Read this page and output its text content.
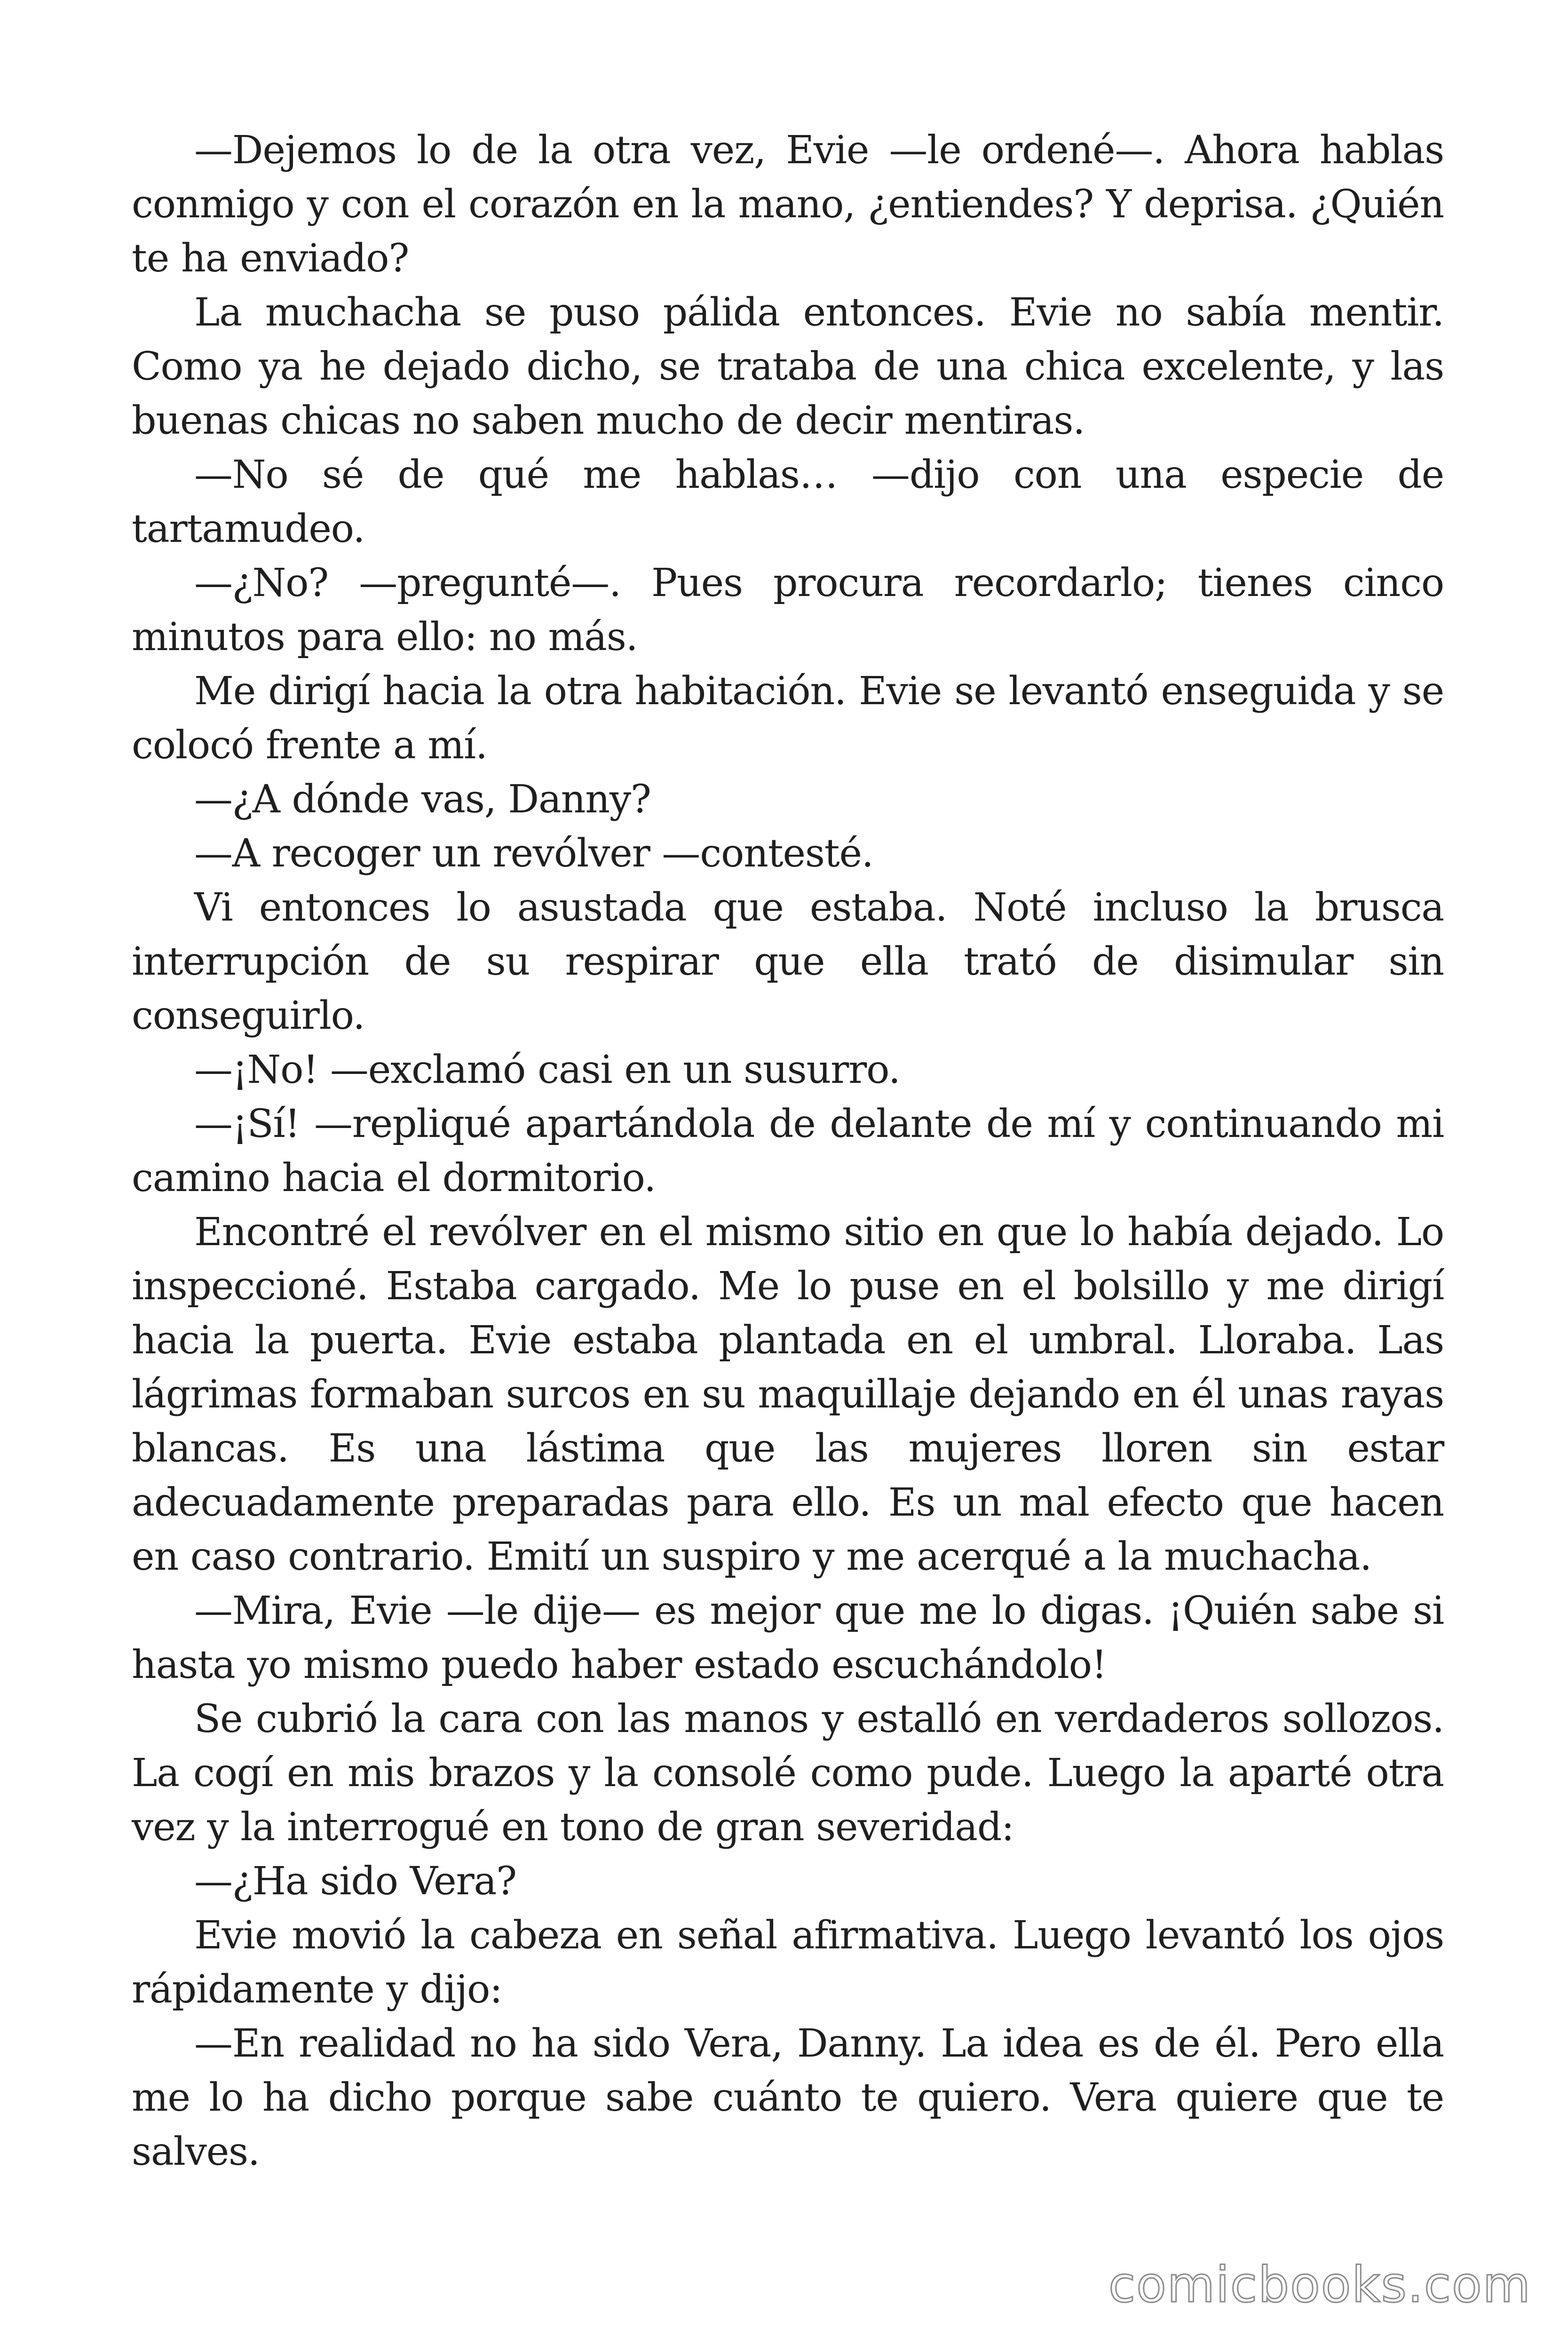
—Dejemos lo de la otra vez, Evie —le ordené—. Ahora hablas conmigo y con el corazón en la mano, ¿entiendes? Y deprisa. ¿Quién te ha enviado?

La muchacha se puso pálida entonces. Evie no sabía mentir. Como ya he dejado dicho, se trataba de una chica excelente, y las buenas chicas no saben mucho de decir mentiras.

—No sé de qué me hablas… —dijo con una especie de tartamudeo.

—¿No? —pregunté—. Pues procura recordarlo; tienes cinco minutos para ello: no más.

Me dirigí hacia la otra habitación. Evie se levantó enseguida y se colocó frente a mí.

—¿A dónde vas, Danny?

—A recoger un revólver —contesté.

Vi entonces lo asustada que estaba. Noté incluso la brusca interrupción de su respirar que ella trató de disimular sin conseguirlo.

—¡No! —exclamó casi en un susurro.

—¡Sí! —repliqué apartándola de delante de mí y continuando mi camino hacia el dormitorio.

Encontré el revólver en el mismo sitio en que lo había dejado. Lo inspeccioné. Estaba cargado. Me lo puse en el bolsillo y me dirigí hacia la puerta. Evie estaba plantada en el umbral. Lloraba. Las lágrimas formaban surcos en su maquillaje dejando en él unas rayas blancas. Es una lástima que las mujeres lloren sin estar adecuadamente preparadas para ello. Es un mal efecto que hacen en caso contrario. Emití un suspiro y me acerqué a la muchacha.

—Mira, Evie —le dije— es mejor que me lo digas. ¡Quién sabe si hasta yo mismo puedo haber estado escuchándolo!

Se cubrió la cara con las manos y estalló en verdaderos sollozos. La cogí en mis brazos y la consolé como pude. Luego la aparté otra vez y la interrogué en tono de gran severidad:

—¿Ha sido Vera?

Evie movió la cabeza en señal afirmativa. Luego levantó los ojos rápidamente y dijo:

—En realidad no ha sido Vera, Danny. La idea es de él. Pero ella me lo ha dicho porque sabe cuánto te quiero. Vera quiere que te salves.

comicbooks.com
